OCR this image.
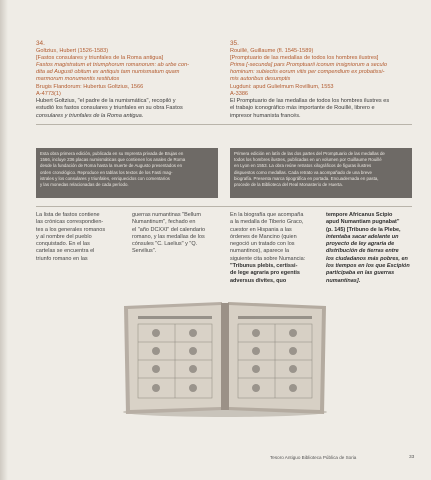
34.
Goltzius, Hubert (1526-1583)
[Fastos consulares y triunfales de la Roma antigua]
Fastos magistratum et triumphorum romanorum: ab urbe con-
dita ad Augusti obitum ex antiquis tam numismatum quam
marmorum monumentis restitutos
Brugis Flandorum: Hubertus Goltzius, 1566
A-4773(1)
35.
Rouillé, Guillaume (fl. 1545-1589)
[Promptuario de las medallas de todos los hombres ilustres]
Prima [-secunda] pars Promptuarii iconum insigniorum a seculo
hominum: subiectis eorum vitis per compendium ex probatissi-
mis autoribus desumptis
Lugduni: apud Gulielmum Rovillium, 1553
A-3386
Hubert Goltzius, "el padre de la numismática", recopiló y
estudió los fastos consulares y triunfales en su obra Fastos
consulares y triunfales de la Roma antigua.
El Promptuario de las medallas de todos los hombres ilustres es
el trabajo iconográfico más importante de Rouillé, librero e
impresor humanista francés.

Esta obra primera edición, publicada en su Imprenta privada de Brujas en

1566, incluye 236 placas numismáticas que contienen los anales de Roma

desde la fundación de Roma hasta la muerte de Augusto presentados en

orden cronológico. Reproduce en tablas los textos de los Fasti mag-

istrales y los consulares y triunfales, enriquecidos con comentarios

y las monedas relacionadas de cada período.

Primera edición en latín de las dos partes del Promptuario de las medallas de

todos los hombres ilustres, publicadas en un volumen por Guillaume Rouillé

en Lyon en 1553. La obra reúne retratos xilográficos de figuras ilustres

dispuestos como medallas. Cada retrato va acompañado de una breve

biografía. Presenta marca tipográfica en portada. Encuadernada en pasta,

procede de la Biblioteca del Real Monasterio de Huerta.

La lista de fastos contiene
las crónicas correspondien-
tes a los generales romanos
y al nombre del pueblo
conquistado. En el las
cartelas se encuentra el
triunfo romano en las
guerras numantinas "Bellum
Numantinum", fechado en
el "año DCXXI" del calendario
romano, y las medallas de los
cónsules "C. Laelius" y "Q.
Servilius".
En la biografía que acompaña
a la medalla de Tiberio Graco,
cuestor en Hispania a las
órdenes de Mancino (quien
negoció un tratado con los
numantinos), aparece la
siguiente cita sobre Numancia:
"Tribunus plebis, certissi-
de lege agraria pro egentis
adversus divites, quo
tempore Africanus Scipio
apud Numantiam pugnabat"
(p. 145) [Tribuno de la Plebe,
intentaba sacar adelante un
proyecto de ley agraria de
distribución de tierras entre
los ciudadanos más pobres, en
los tiempos en los que Escipión
participaba en las guerras
numantinas].
Tesoro Antiguo Biblioteca Pública de Soria	33
